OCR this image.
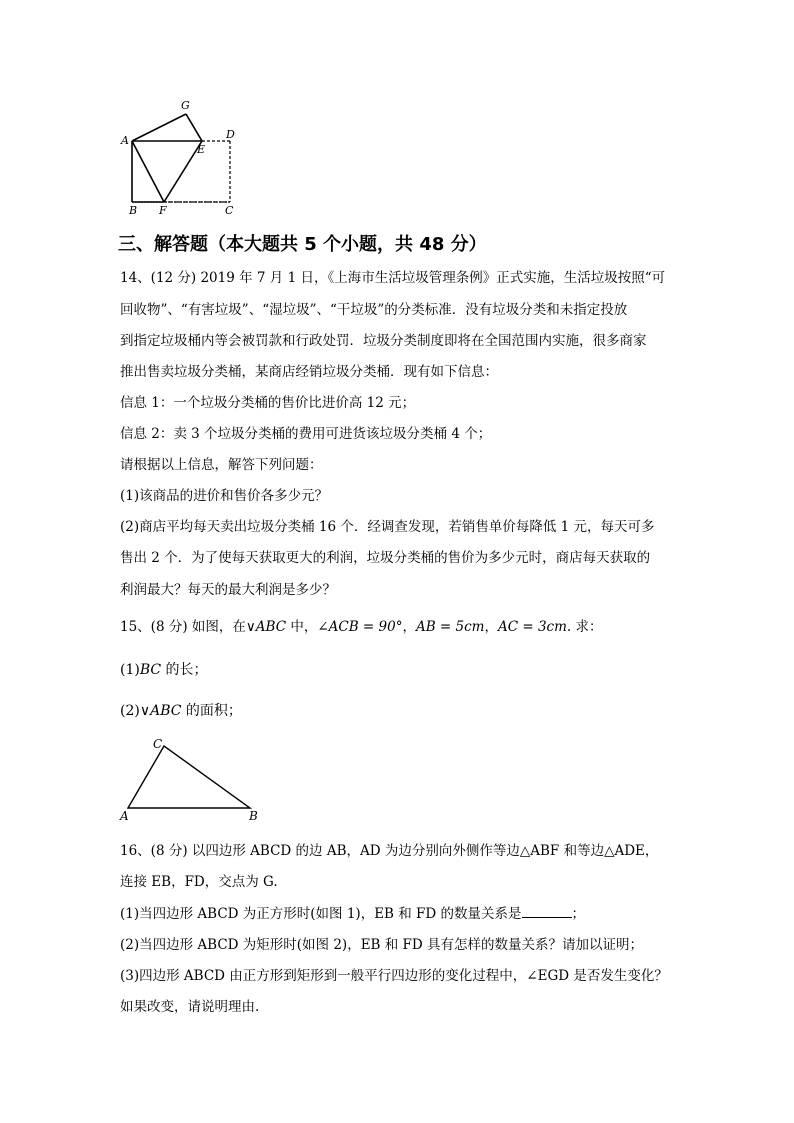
G
A
E
D
B F	C
三、解答题（本大题共 5 个小题，共 48 分）
14、(12 分) 2019 年 7 月 1 日，《上海市生活垃圾管理条例》正式实施，生活垃圾按照“可
回收物”、“有害垃圾”、“湿垃圾”、“干垃圾”的分类标准．没有垃圾分类和未指定投放
到指定垃圾桶内等会被罚款和行政处罚．垃圾分类制度即将在全国范围内实施，很多商家
推出售卖垃圾分类桶，某商店经销垃圾分类桶．现有如下信息：
信息 1：一个垃圾分类桶的售价比进价高 12 元；
信息 2：卖 3 个垃圾分类桶的费用可进货该垃圾分类桶 4 个；
请根据以上信息，解答下列问题：
(1)该商品的进价和售价各多少元？
(2)商店平均每天卖出垃圾分类桶 16 个．经调查发现，若销售单价每降低 1 元，每天可多
售出 2 个．为了使每天获取更大的利润，垃圾分类桶的售价为多少元时，商店每天获取的
利润最大？每天的最大利润是多少？
15、(8 分) 如图，在∨ABC 中，∠ACB = 90°，AB = 5cm，AC = 3cm. 求：
(1)BC 的长；
(2)∨ABC 的面积；
C
A	B
16、(8 分) 以四边形 ABCD 的边 AB，AD 为边分别向外侧作等边△ABF 和等边△ADE，
连接 EB，FD，交点为 G.
(1)当四边形 ABCD 为正方形时(如图 1)，EB 和 FD 的数量关系是	；
(2)当四边形 ABCD 为矩形时(如图 2)，EB 和 FD 具有怎样的数量关系？请加以证明；
(3)四边形 ABCD 由正方形到矩形到一般平行四边形的变化过程中，∠EGD 是否发生变化？
如果改变，请说明理由.
